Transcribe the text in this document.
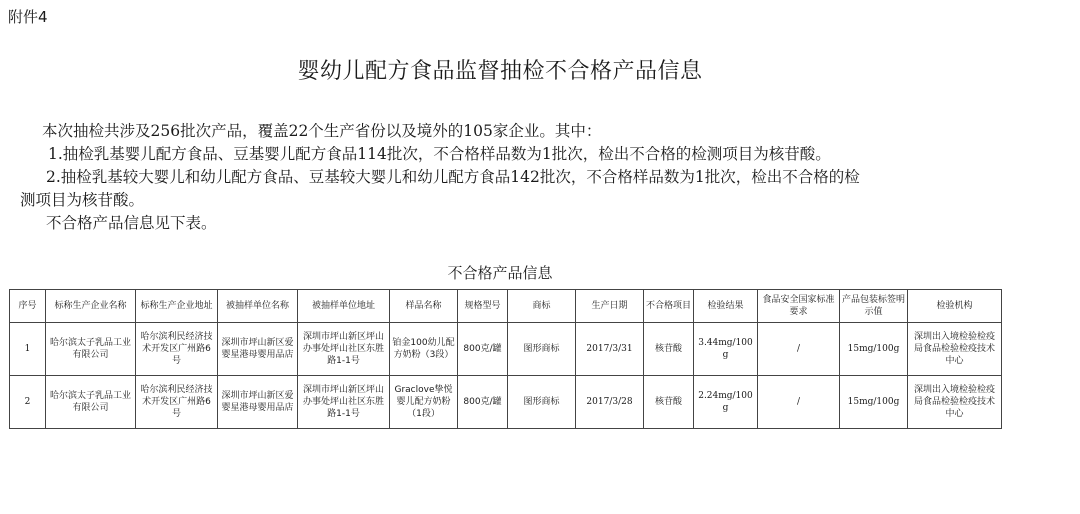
附件4
婴幼儿配方食品监督抽检不合格产品信息

本次抽检共涉及256批次产品，覆盖22个生产省份以及境外的105家企业。其中：

1.抽检乳基婴儿配方食品、豆基婴儿配方食品114批次，不合格样品数为1批次，检出不合格的检测项目为核苷酸。

2.抽检乳基较大婴儿和幼儿配方食品、豆基较大婴儿和幼儿配方食品142批次，不合格样品数为1批次，检出不合格的检
测项目为核苷酸。

不合格产品信息见下表。

不合格产品信息
序号	标称生产企业名称	标称生产企业地址	被抽样单位名称	被抽样单位地址	样品名称	规格型号	商标	生产日期	不合格项目	检验结果	食品安全国家标准要求	产品包装标签明示值	检验机构
1	哈尔滨太子乳品工业有限公司	哈尔滨利民经济技术开发区广州路6号	深圳市坪山新区爱婴星港母婴用品店	深圳市坪山新区坪山办事处坪山社区东胜路1-1号	铂金100幼儿配方奶粉（3段）	800克/罐	图形商标	2017/3/31	核苷酸	3.44mg/100g	/	15mg/100g	深圳出入境检验检疫局食品检验检疫技术中心
2	哈尔滨太子乳品工业有限公司	哈尔滨利民经济技术开发区广州路6号	深圳市坪山新区爱婴星港母婴用品店	深圳市坪山新区坪山办事处坪山社区东胜路1-1号	Graclove挚悦婴儿配方奶粉（1段）	800克/罐	图形商标	2017/3/28	核苷酸	2.24mg/100g	/	15mg/100g	深圳出入境检验检疫局食品检验检疫技术中心
